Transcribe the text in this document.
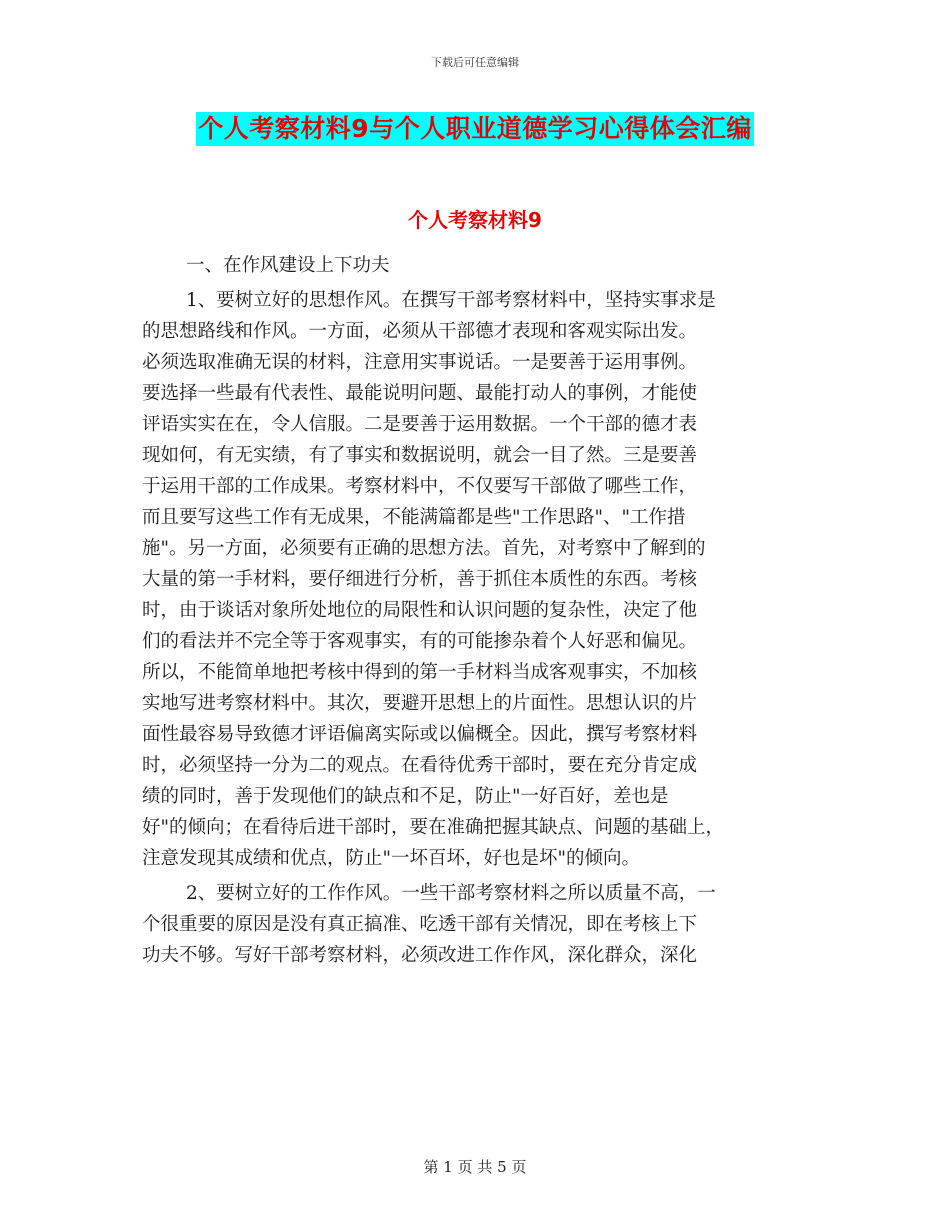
下载后可任意编辑
个人考察材料9与个人职业道德学习心得体会汇编
个人考察材料9
一、在作风建设上下功夫
1、要树立好的思想作风。在撰写干部考察材料中，坚持实事求是
的思想路线和作风。一方面，必须从干部德才表现和客观实际出发。
必须选取准确无误的材料，注意用实事说话。一是要善于运用事例。
要选择一些最有代表性、最能说明问题、最能打动人的事例，才能使
评语实实在在，令人信服。二是要善于运用数据。一个干部的德才表
现如何，有无实绩，有了事实和数据说明，就会一目了然。三是要善
于运用干部的工作成果。考察材料中，不仅要写干部做了哪些工作，
而且要写这些工作有无成果，不能满篇都是些"工作思路"、"工作措
施"。另一方面，必须要有正确的思想方法。首先，对考察中了解到的
大量的第一手材料，要仔细进行分析，善于抓住本质性的东西。考核
时，由于谈话对象所处地位的局限性和认识问题的复杂性，决定了他
们的看法并不完全等于客观事实，有的可能掺杂着个人好恶和偏见。
所以，不能简单地把考核中得到的第一手材料当成客观事实，不加核
实地写进考察材料中。其次，要避开思想上的片面性。思想认识的片
面性最容易导致德才评语偏离实际或以偏概全。因此，撰写考察材料
时，必须坚持一分为二的观点。在看待优秀干部时，要在充分肯定成
绩的同时，善于发现他们的缺点和不足，防止"一好百好，差也是
好"的倾向；在看待后进干部时，要在准确把握其缺点、问题的基础上，
注意发现其成绩和优点，防止"一坏百坏，好也是坏"的倾向。
2、要树立好的工作作风。一些干部考察材料之所以质量不高，一
个很重要的原因是没有真正搞准、吃透干部有关情况，即在考核上下
功夫不够。写好干部考察材料，必须改进工作作风，深化群众，深化
第 1 页 共 5 页
